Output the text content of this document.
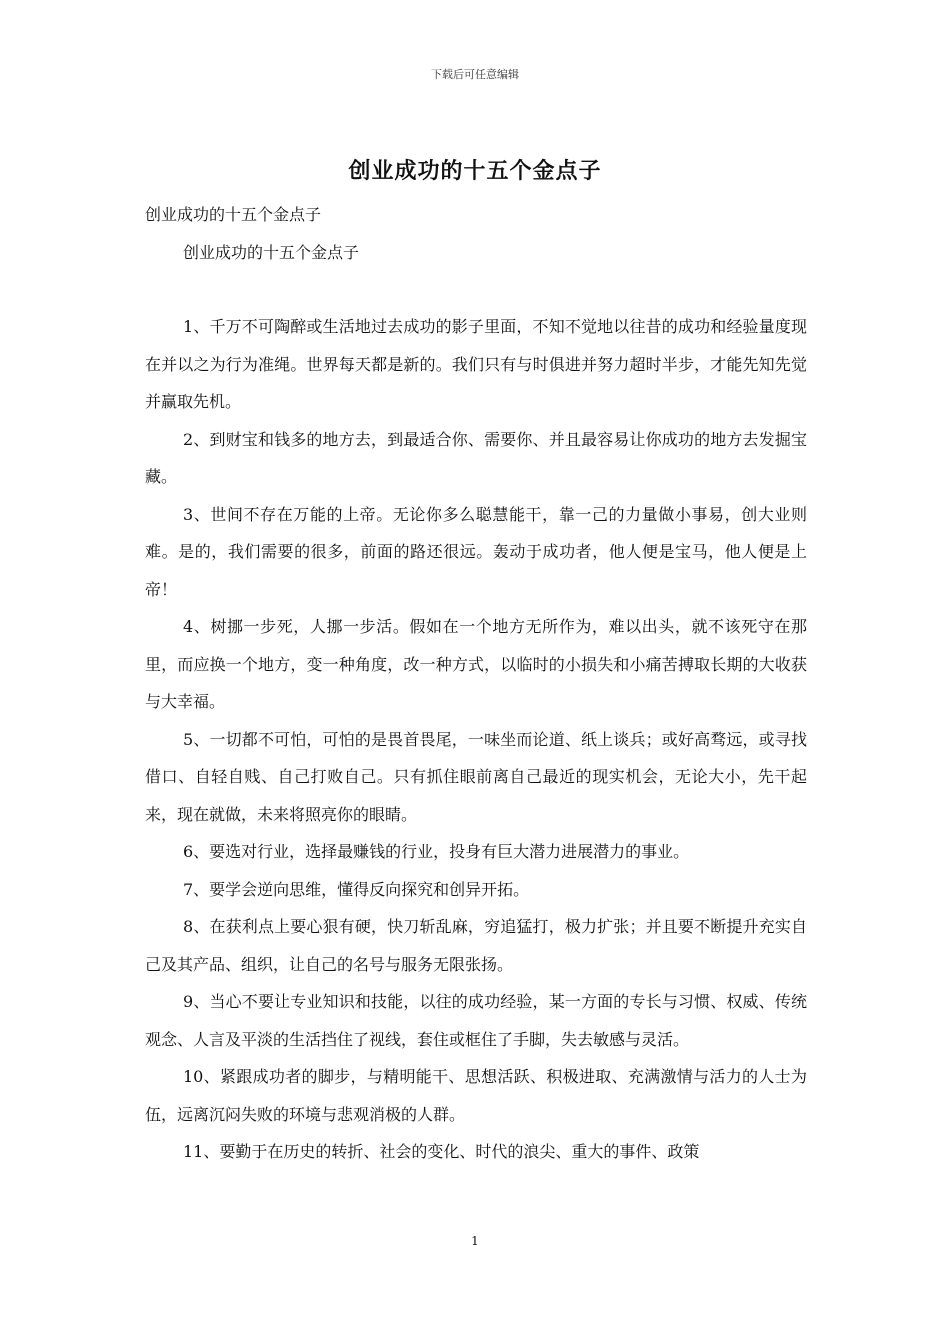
下载后可任意编辑
创业成功的十五个金点子

创业成功的十五个金点子

创业成功的十五个金点子

1、千万不可陶醉或生活地过去成功的影子里面，不知不觉地以往昔的成功和经验量度现在并以之为行为准绳。世界每天都是新的。我们只有与时俱进并努力超时半步，才能先知先觉并赢取先机。

2、到财宝和钱多的地方去，到最适合你、需要你、并且最容易让你成功的地方去发掘宝藏。

3、世间不存在万能的上帝。无论你多么聪慧能干，靠一己的力量做小事易，创大业则难。是的，我们需要的很多，前面的路还很远。轰动于成功者，他人便是宝马，他人便是上帝！

4、树挪一步死，人挪一步活。假如在一个地方无所作为，难以出头，就不该死守在那里，而应换一个地方，变一种角度，改一种方式，以临时的小损失和小痛苦搏取长期的大收获与大幸福。

5、一切都不可怕，可怕的是畏首畏尾，一味坐而论道、纸上谈兵；或好高骛远，或寻找借口、自轻自贱、自己打败自己。只有抓住眼前离自己最近的现实机会，无论大小，先干起来，现在就做，未来将照亮你的眼睛。

6、要选对行业，选择最赚钱的行业，投身有巨大潜力进展潜力的事业。

7、要学会逆向思维，懂得反向探究和创异开拓。

8、在获利点上要心狠有硬，快刀斩乱麻，穷追猛打，极力扩张；并且要不断提升充实自己及其产品、组织，让自己的名号与服务无限张扬。

9、当心不要让专业知识和技能，以往的成功经验，某一方面的专长与习惯、权威、传统观念、人言及平淡的生活挡住了视线，套住或框住了手脚，失去敏感与灵活。

10、紧跟成功者的脚步，与精明能干、思想活跃、积极进取、充满激情与活力的人士为伍，远离沉闷失败的环境与悲观消极的人群。

11、要勤于在历史的转折、社会的变化、时代的浪尖、重大的事件、政策

1
